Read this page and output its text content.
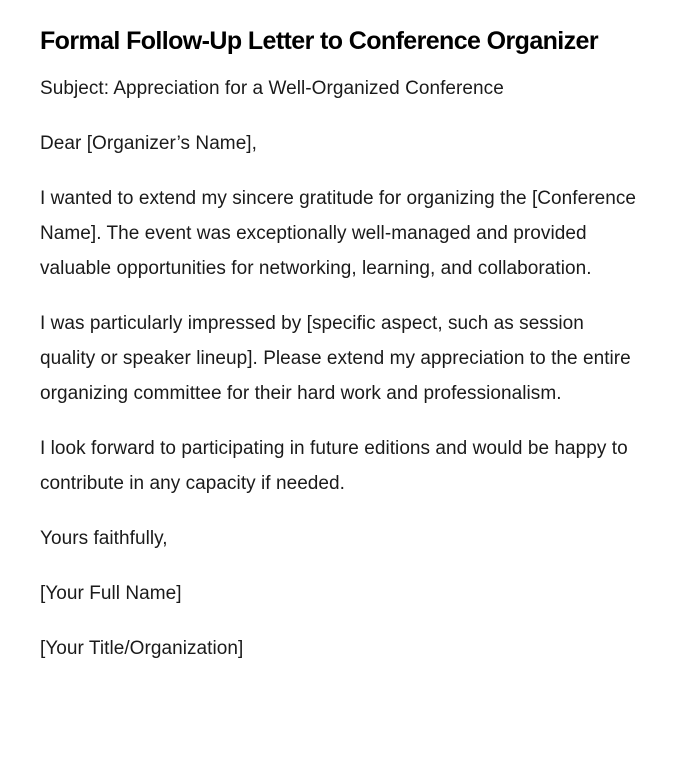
Formal Follow-Up Letter to Conference Organizer

Subject: Appreciation for a Well-Organized Conference

Dear [Organizer’s Name],

I wanted to extend my sincere gratitude for organizing the [Conference Name]. The event was exceptionally well-managed and provided valuable opportunities for networking, learning, and collaboration.

I was particularly impressed by [specific aspect, such as session quality or speaker lineup]. Please extend my appreciation to the entire organizing committee for their hard work and professionalism.

I look forward to participating in future editions and would be happy to contribute in any capacity if needed.

Yours faithfully,

[Your Full Name]

[Your Title/Organization]
